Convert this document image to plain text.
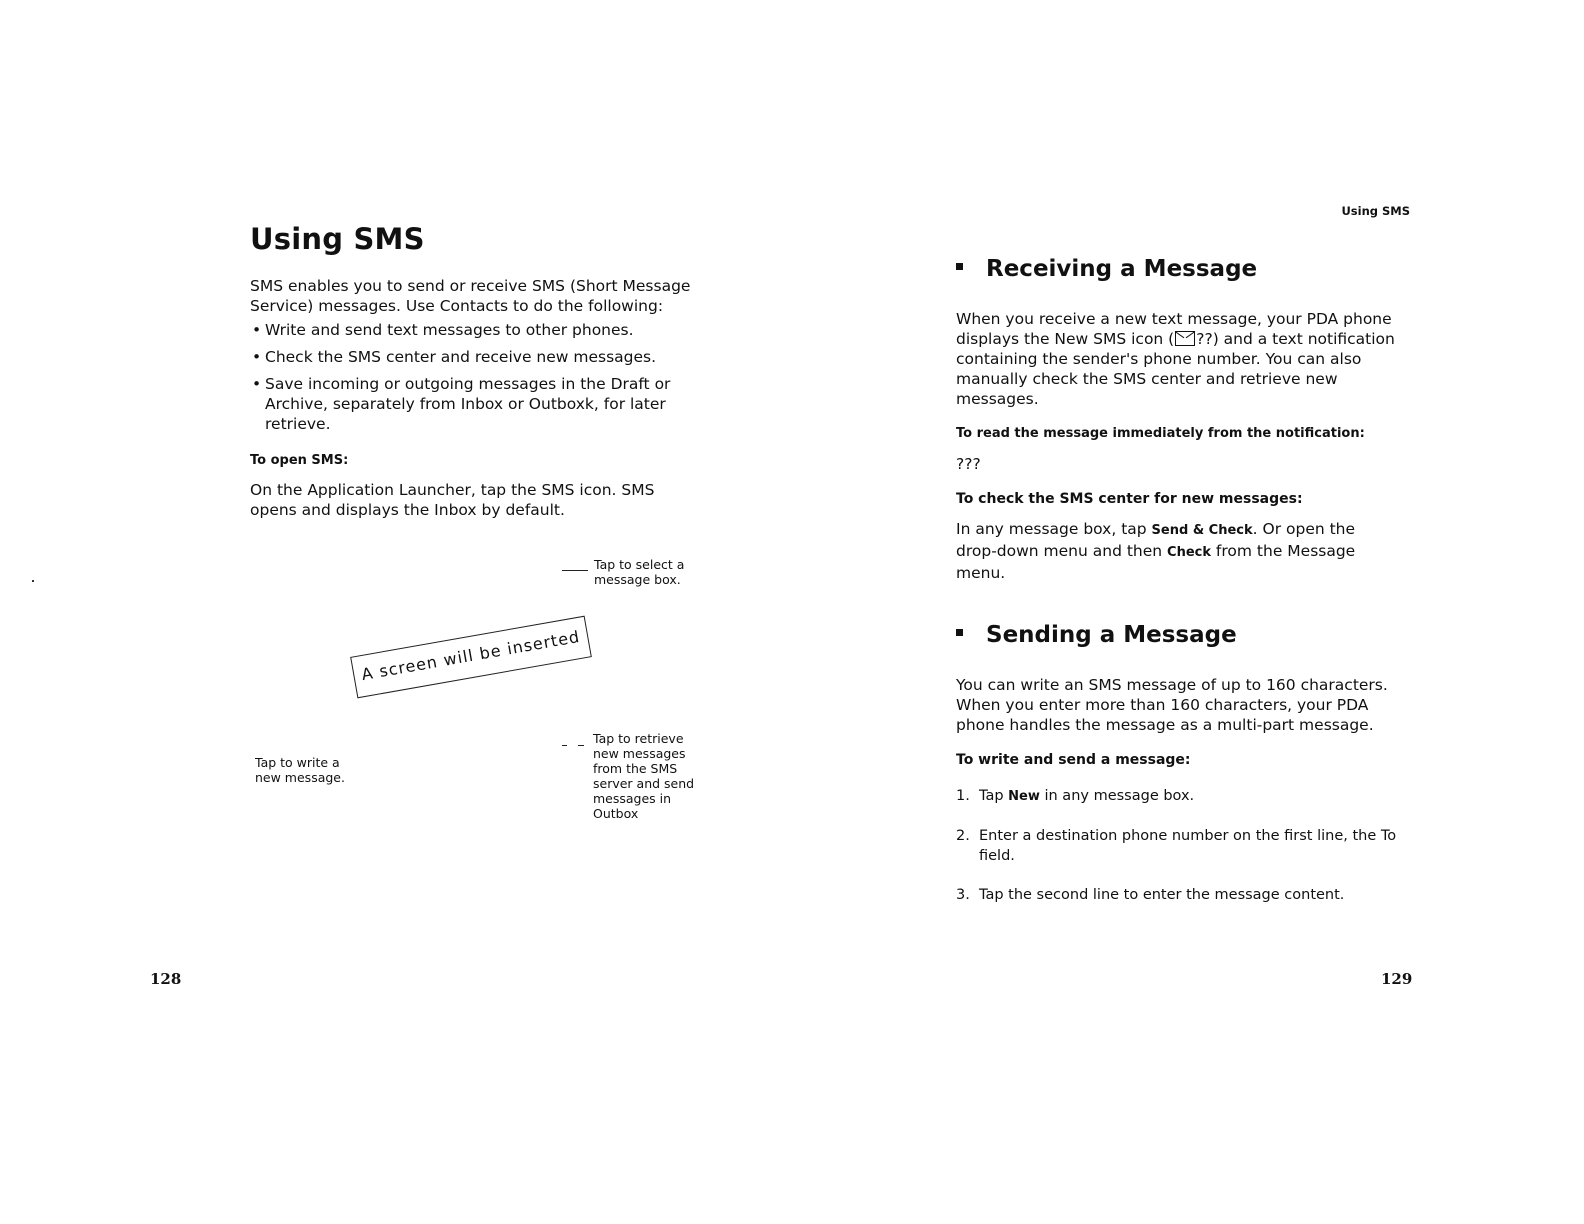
Using SMS

SMS enables you to send or receive SMS (Short Message Service) messages. Use Contacts to do the following:

• Write and send text messages to other phones.
• Check the SMS center and receive new messages.
• Save incoming or outgoing messages in the Draft or Archive, separately from Inbox or Outboxk, for later retrieve.

To open SMS:

On the Application Launcher, tap the SMS icon. SMS opens and displays the Inbox by default.

Tap to select a message box.
A screen will be inserted
Tap to retrieve new messages from the SMS server and send messages in Outbox
Tap to write a new message.
128
Using SMS
Receiving a Message

When you receive a new text message, your PDA phone displays the New SMS icon ( ??) and a text notification containing the sender's phone number. You can also manually check the SMS center and retrieve new messages.

To read the message immediately from the notification:

???

To check the SMS center for new messages:

In any message box, tap Send & Check. Or open the drop-down menu and then Check from the Message menu.

Sending a Message

You can write an SMS message of up to 160 characters. When you enter more than 160 characters, your PDA phone handles the message as a multi-part message.

To write and send a message:

1. Tap New in any message box.
2. Enter a destination phone number on the first line, the To field.
3. Tap the second line to enter the message content.
129
